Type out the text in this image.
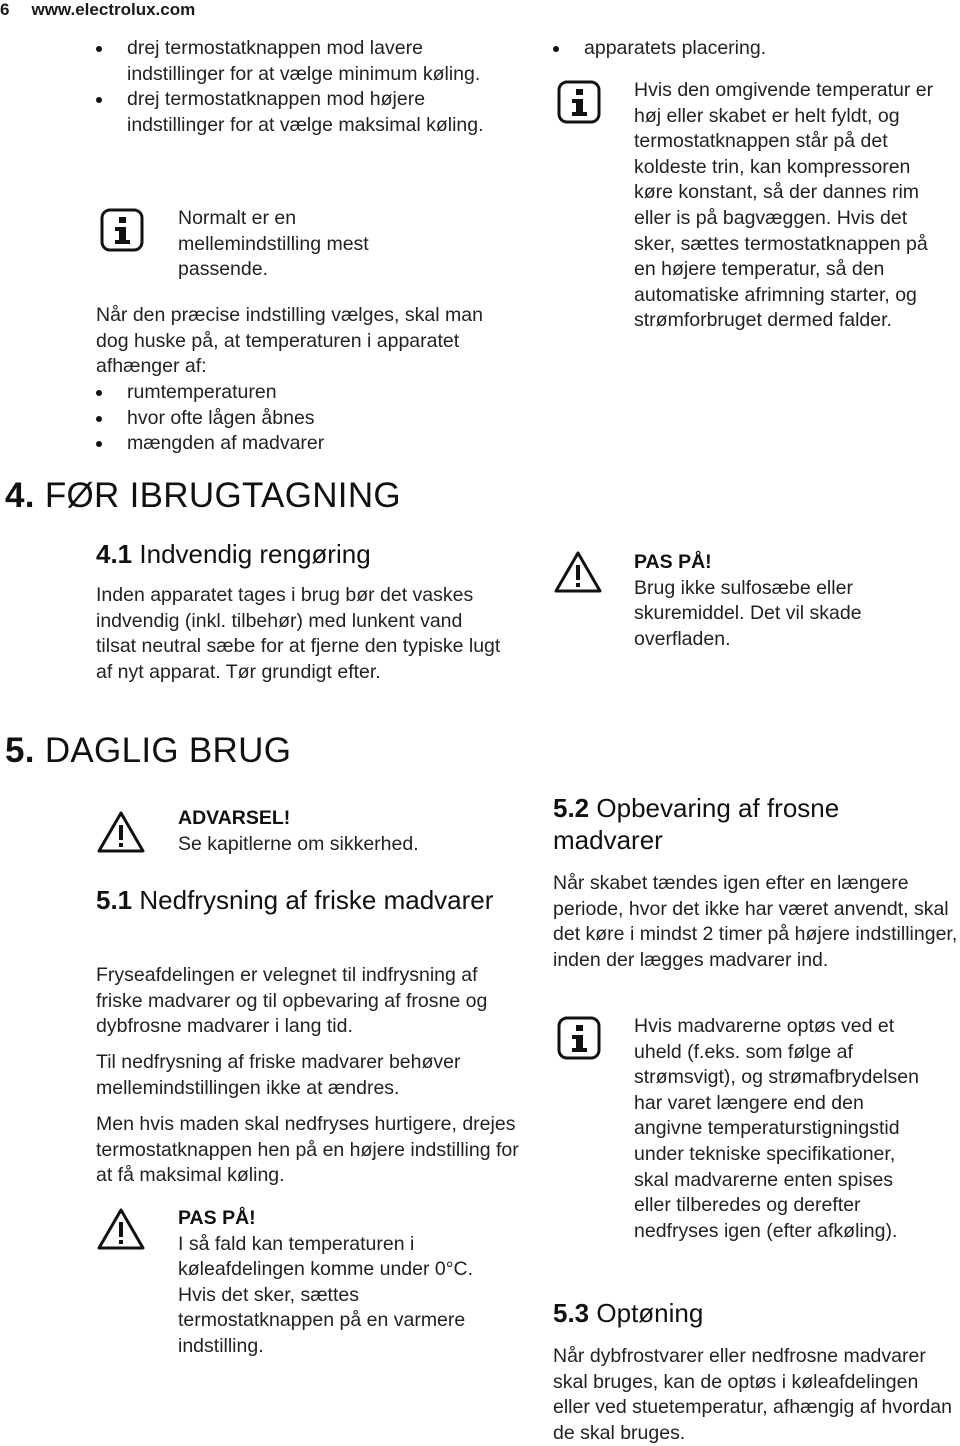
6 www.electrolux.com
drej termostatknappen mod lavere indstillinger for at vælge minimum køling.
drej termostatknappen mod højere indstillinger for at vælge maksimal køling.
Normalt er en mellemindstilling mest passende.
Når den præcise indstilling vælges, skal man dog huske på, at temperaturen i apparatet afhænger af:
rumtemperaturen
hvor ofte lågen åbnes
mængden af madvarer
4. FØR IBRUGTAGNING
4.1 Indvendig rengøring
Inden apparatet tages i brug bør det vaskes indvendig (inkl. tilbehør) med lunkent vand tilsat neutral sæbe for at fjerne den typiske lugt af nyt apparat. Tør grundigt efter.
5. DAGLIG BRUG
ADVARSEL!
Se kapitlerne om sikkerhed.
5.1 Nedfrysning af friske madvarer
Fryseafdelingen er velegnet til indfrysning af friske madvarer og til opbevaring af frosne og dybfrosne madvarer i lang tid.
Til nedfrysning af friske madvarer behøver mellemindstillingen ikke at ændres.
Men hvis maden skal nedfryses hurtigere, drejes termostatknappen hen på en højere indstilling for at få maksimal køling.
PAS PÅ!
I så fald kan temperaturen i køleafdelingen komme under 0°C. Hvis det sker, sættes termostatknappen på en varmere indstilling.
apparatets placering.
Hvis den omgivende temperatur er høj eller skabet er helt fyldt, og termostatknappen står på det koldeste trin, kan kompressoren køre konstant, så der dannes rim eller is på bagvæggen. Hvis det sker, sættes termostatknappen på en højere temperatur, så den automatiske afrimning starter, og strømforbruget dermed falder.
PAS PÅ!
Brug ikke sulfosæbe eller skuremiddel. Det vil skade overfladen.
5.2 Opbevaring af frosne madvarer
Når skabet tændes igen efter en længere periode, hvor det ikke har været anvendt, skal det køre i mindst 2 timer på højere indstillinger, inden der lægges madvarer ind.
Hvis madvarerne optøs ved et uheld (f.eks. som følge af strømsvigt), og strømafbrydelsen har varet længere end den angivne temperaturstigningstid under tekniske specifikationer, skal madvarerne enten spises eller tilberedes og derefter nedfryses igen (efter afkøling).
5.3 Optøning
Når dybfrostvarer eller nedfrosne madvarer skal bruges, kan de optøs i køleafdelingen eller ved stuetemperatur, afhængig af hvordan de skal bruges.
